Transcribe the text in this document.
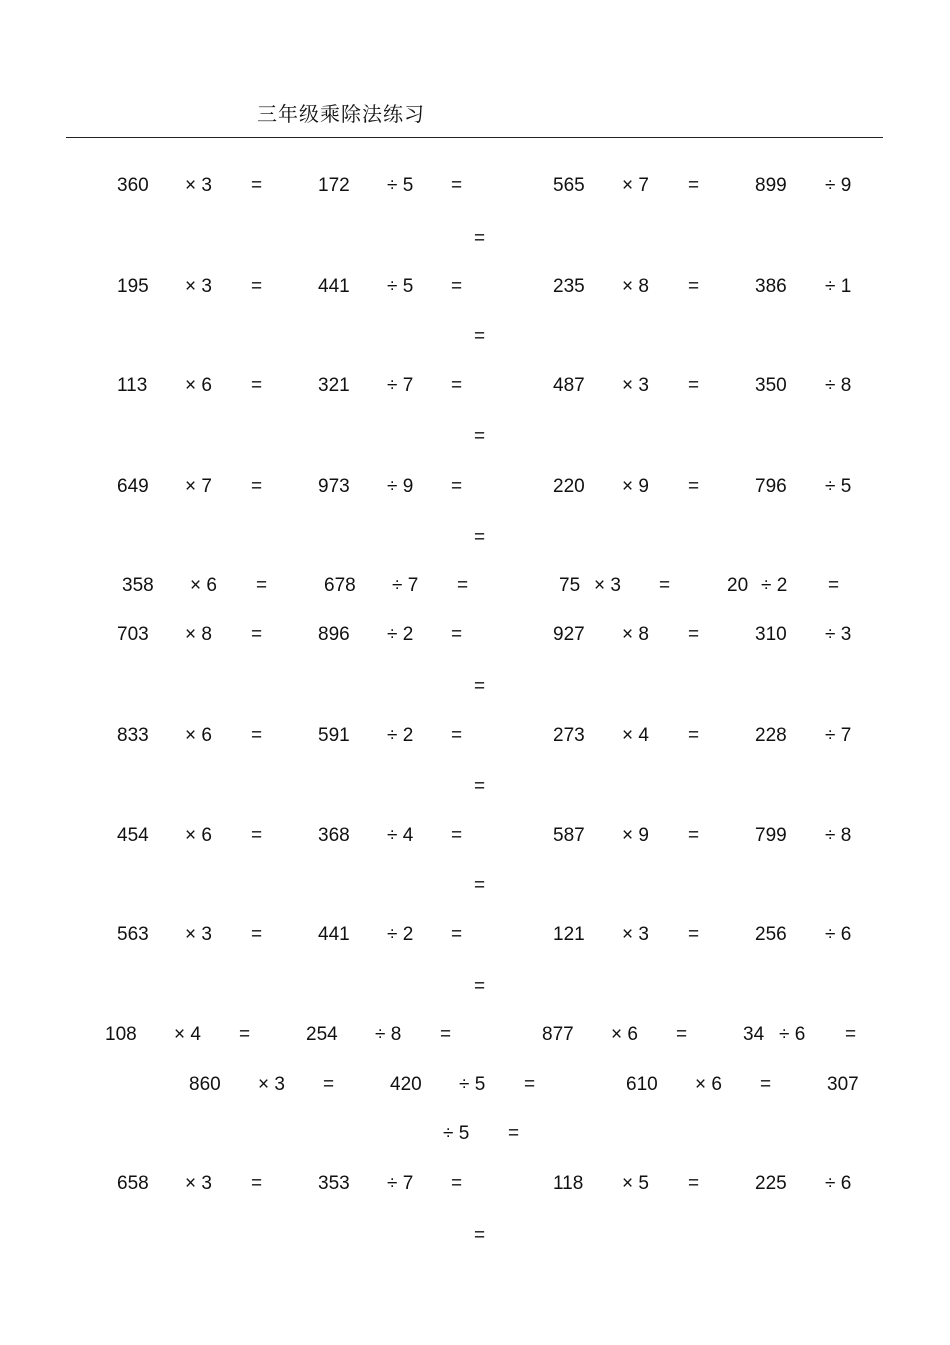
三年级乘除法练习
360 × 3 =	172 ÷ 5 =	565 × 7 =	899 ÷ 9
=
195 × 3 =	441 ÷ 5 =	235 × 8 =	386 ÷ 1
=
113 × 6 =	321 ÷ 7 =	487 × 3 =	350 ÷ 8
=
649 × 7 =	973 ÷ 9 =	220 × 9 =	796 ÷ 5
=
358 × 6 =	678 ÷ 7 =	75 × 3 =	20 ÷ 2 =
703 × 8 =	896 ÷ 2 =	927 × 8 =	310 ÷ 3
=
833 × 6 =	591 ÷ 2 =	273 × 4 =	228 ÷ 7
=
454 × 6 =	368 ÷ 4 =	587 × 9 =	799 ÷ 8
=
563 × 3 =	441 ÷ 2 =	121 × 3 =	256 ÷ 6
=
108 × 4 =	254 ÷ 8 =	877 × 6 =	34 ÷ 6 =
860 × 3 =	420 ÷ 5 =	610 × 6 =	307
÷ 5 =
658 × 3 =	353 ÷ 7 =	118 × 5 =	225 ÷ 6
=
